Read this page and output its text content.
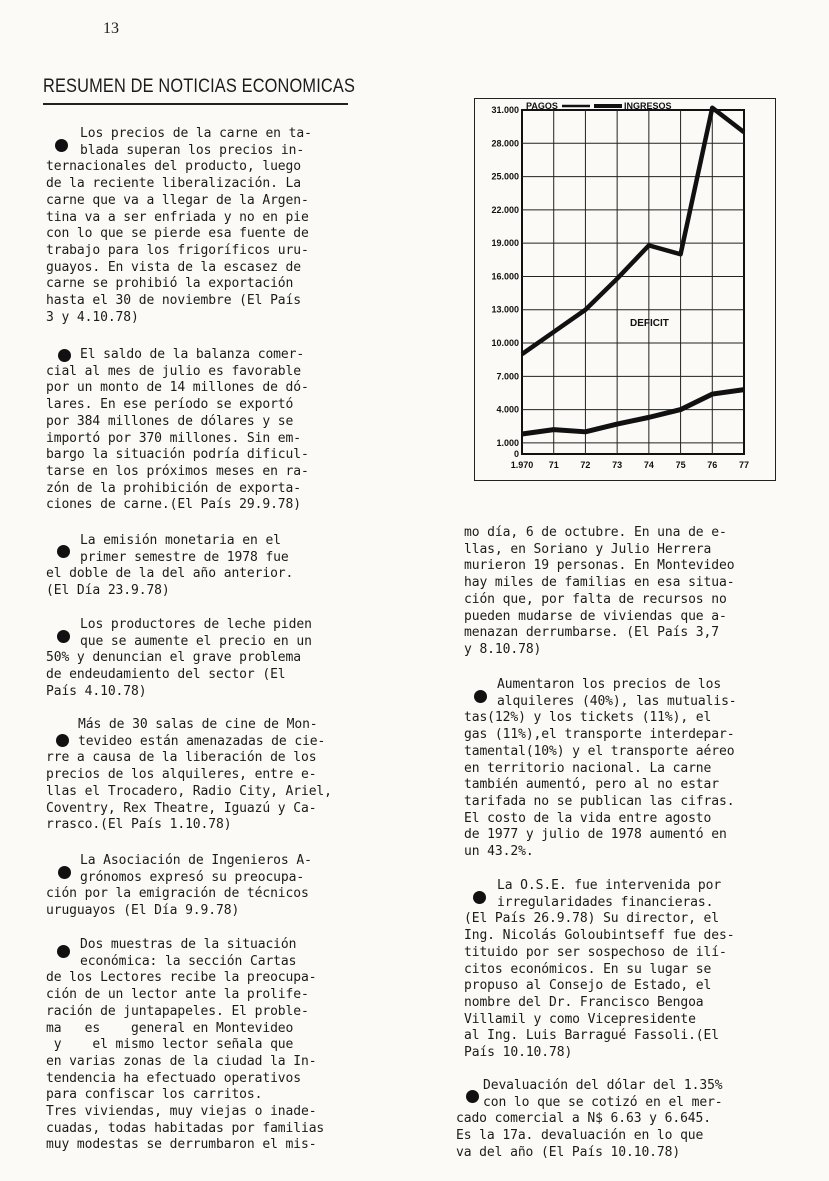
13
RESUMEN DE NOTICIAS ECONOMICAS
Los precios de la carne en ta-
blada superan los precios in-
ternacionales del producto, luego
de la reciente liberalización. La
carne que va a llegar de la Argen-
tina va a ser enfriada y no en pie
con lo que se pierde esa fuente de
trabajo para los frigoríficos uru-
guayos. En vista de la escasez de
carne se prohibió la exportación
hasta el 30 de noviembre (El País
3 y 4.10.78)
El saldo de la balanza comer-
cial al mes de julio es favorable
por un monto de 14 millones de dó-
lares. En ese período se exportó
por 384 millones de dólares y se
importó por 370 millones. Sin em-
bargo la situación podría dificul-
tarse en los próximos meses en ra-
zón de la prohibición de exporta-
ciones de carne.(El País 29.9.78)
La emisión monetaria en el
primer semestre de 1978 fue
el doble de la del año anterior.
(El Día 23.9.78)
Los productores de leche piden
que se aumente el precio en un
50% y denuncian el grave problema
de endeudamiento del sector (El
País 4.10.78)
Más de 30 salas de cine de Mon-
tevideo están amenazadas de cie-
rre a causa de la liberación de los
precios de los alquileres, entre e-
llas el Trocadero, Radio City, Ariel,
Coventry, Rex Theatre, Iguazú y Ca-
rrasco.(El País 1.10.78)
La Asociación de Ingenieros A-
grónomos expresó su preocupa-
ción por la emigración de técnicos
uruguayos (El Día 9.9.78)
Dos muestras de la situación
económica: la sección Cartas
de los Lectores recibe la preocupa-
ción de un lector ante la prolife-
ración de juntapapeles. El proble-
ma   es    general en Montevideo
y    el mismo lector señala que
en varias zonas de la ciudad la In-
tendencia ha efectuado operativos
para confiscar los carritos.
Tres viviendas, muy viejas o inade-
cuadas, todas habitadas por familias
muy modestas se derrumbaron el mis-
31.000
28.000
25.000
22.000
19.000
16.000
13.000
10.000
7.000
4.000
1.000
0
1.970 71 72 73 74 75 76 77
PAGOS	INGRESOS
DEFICIT
mo día, 6 de octubre. En una de e-
llas, en Soriano y Julio Herrera
murieron 19 personas. En Montevideo
hay miles de familias en esa situa-
ción que, por falta de recursos no
pueden mudarse de viviendas que a-
menazan derrumbarse. (El País 3,7
y 8.10.78)
Aumentaron los precios de los
alquileres (40%), las mutualis-
tas(12%) y los tickets (11%), el
gas (11%),el transporte interdepar-
tamental(10%) y el transporte aéreo
en territorio nacional. La carne
también aumentó, pero al no estar
tarifada no se publican las cifras.
El costo de la vida entre agosto
de 1977 y julio de 1978 aumentó en
un 43.2%.
La O.S.E. fue intervenida por
irregularidades financieras.
(El País 26.9.78) Su director, el
Ing. Nicolás Goloubintseff fue des-
tituido por ser sospechoso de ilí-
citos económicos. En su lugar se
propuso al Consejo de Estado, el
nombre del Dr. Francisco Bengoa
Villamil y como Vicepresidente
al Ing. Luis Barragué Fassoli.(El
País 10.10.78)
Devaluación del dólar del 1.35%
con lo que se cotizó en el mer-
cado comercial a N$ 6.63 y 6.645.
Es la 17a. devaluación en lo que
va del año (El País 10.10.78)
